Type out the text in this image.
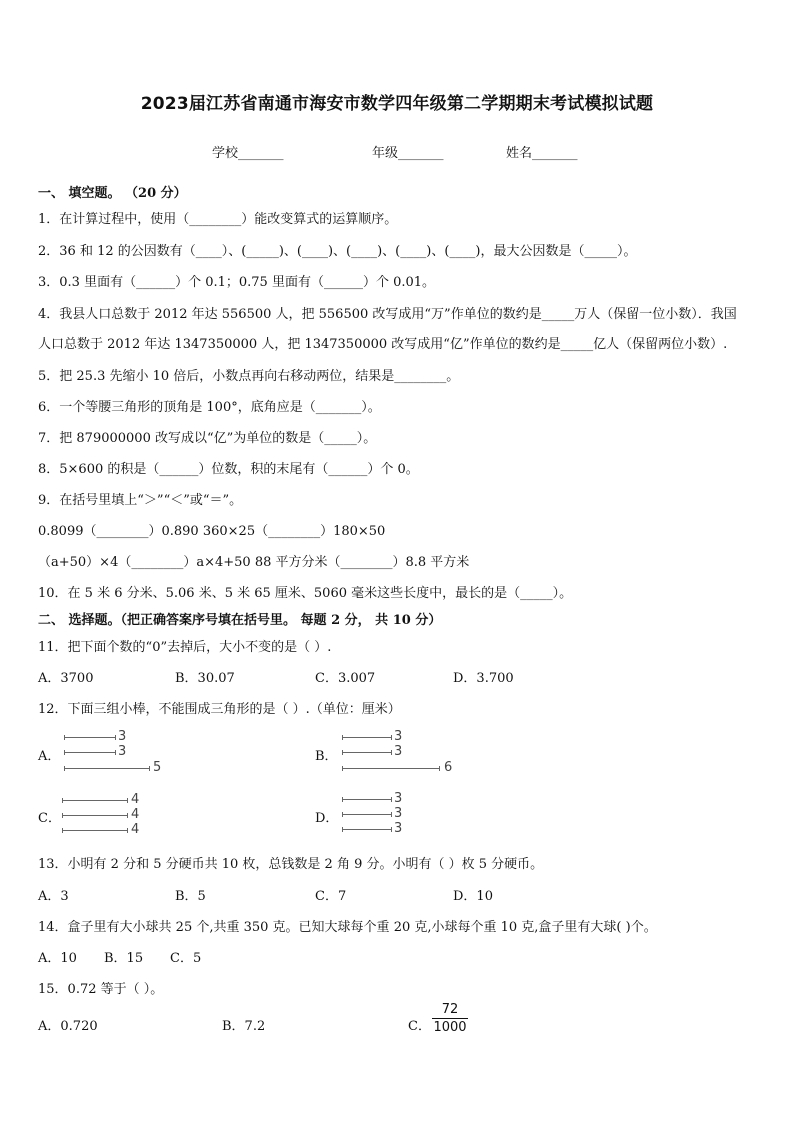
2023届江苏省南通市海安市数学四年级第二学期期末考试模拟试题
学校_______	年级_______	姓名_______
一、 填空题。 （20 分）
1．在计算过程中，使用（________）能改变算式的运算顺序。
2．36 和 12 的公因数有（____）、(_____)、(____)、(____)、(____)、(____)，最大公因数是（_____）。
3．0.3 里面有（______）个 0.1；0.75 里面有（______）个 0.01。
4．我县人口总数于 2012 年达 556500 人，把 556500 改写成用“万”作单位的数约是_____万人（保留一位小数）．我国
人口总数于 2012 年达 1347350000 人，把 1347350000 改写成用“亿”作单位的数约是_____亿人（保留两位小数）.
5．把 25.3 先缩小 10 倍后，小数点再向右移动两位，结果是________。
6．一个等腰三角形的顶角是 100°，底角应是（_______）。
7．把 879000000 改写成以“亿”为单位的数是（_____）。
8．5×600 的积是（______）位数，积的末尾有（______）个 0。
9．在括号里填上“＞”“＜”或“＝”。
0.8099（________）0.890 360×25（________）180×50
（a+50）×4（________）a×4+50 88 平方分米（________）8.8 平方米
10．在 5 米 6 分米、5.06 米、5 米 65 厘米、5060 毫米这些长度中，最长的是（_____）。
二、 选择题。（把正确答案序号填在括号里。 每题 2 分， 共 10 分）
11．把下面个数的“0”去掉后，大小不变的是（ ）.
A．3700	B．30.07	C．3.007	D．3.700
12．下面三组小棒，不能围成三角形的是（ ）.（单位：厘米）
A．
3
3
5
B．
3
3
6
C．
4
4
4
D．
3
3
3
13．小明有 2 分和 5 分硬币共 10 枚，总钱数是 2 角 9 分。小明有（ ）枚 5 分硬币。
A．3	B．5	C．7	D．10
14．盒子里有大小球共 25 个,共重 350 克。已知大球每个重 20 克,小球每个重 10 克,盒子里有大球( )个。
A．10 B．15 C．5
15．0.72 等于（ ）。
A．0.720	B．7.2	C．
72
1000
